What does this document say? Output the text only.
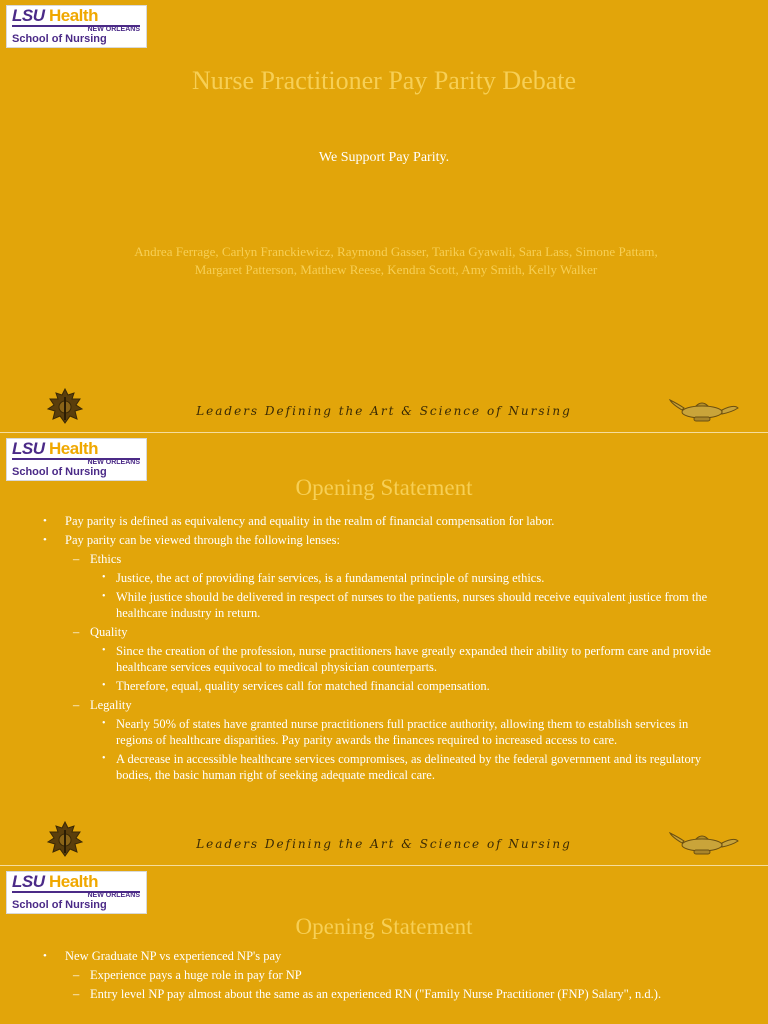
LSU Health
NEW ORLEANS
School of Nursing
Nurse Practitioner Pay Parity Debate
We Support Pay Parity.
Andrea Ferrage, Carlyn Franckiewicz, Raymond Gasser, Tarika Gyawali, Sara Lass, Simone Pattam, Margaret Patterson, Matthew Reese, Kendra Scott, Amy Smith, Kelly Walker
Leaders Defining the Art & Science of Nursing
LSU Health
NEW ORLEANS
School of Nursing
Opening Statement
• Pay parity is defined as equivalency and equality in the realm of financial compensation for labor.
• Pay parity can be viewed through the following lenses:
– Ethics
• Justice, the act of providing fair services, is a fundamental principle of nursing ethics.
• While justice should be delivered in respect of nurses to the patients, nurses should receive equivalent justice from the healthcare industry in return.
– Quality
• Since the creation of the profession, nurse practitioners have greatly expanded their ability to perform care and provide healthcare services equivocal to medical physician counterparts.
• Therefore, equal, quality services call for matched financial compensation.
– Legality
• Nearly 50% of states have granted nurse practitioners full practice authority, allowing them to establish services in regions of healthcare disparities. Pay parity awards the finances required to increased access to care.
• A decrease in accessible healthcare services compromises, as delineated by the federal government and its regulatory bodies, the basic human right of seeking adequate medical care.
Leaders Defining the Art & Science of Nursing
LSU Health
NEW ORLEANS
School of Nursing
Opening Statement
• New Graduate NP vs experienced NP's pay
– Experience pays a huge role in pay for NP
– Entry level NP pay almost about the same as an experienced RN ("Family Nurse Practitioner (FNP) Salary", n.d.).
